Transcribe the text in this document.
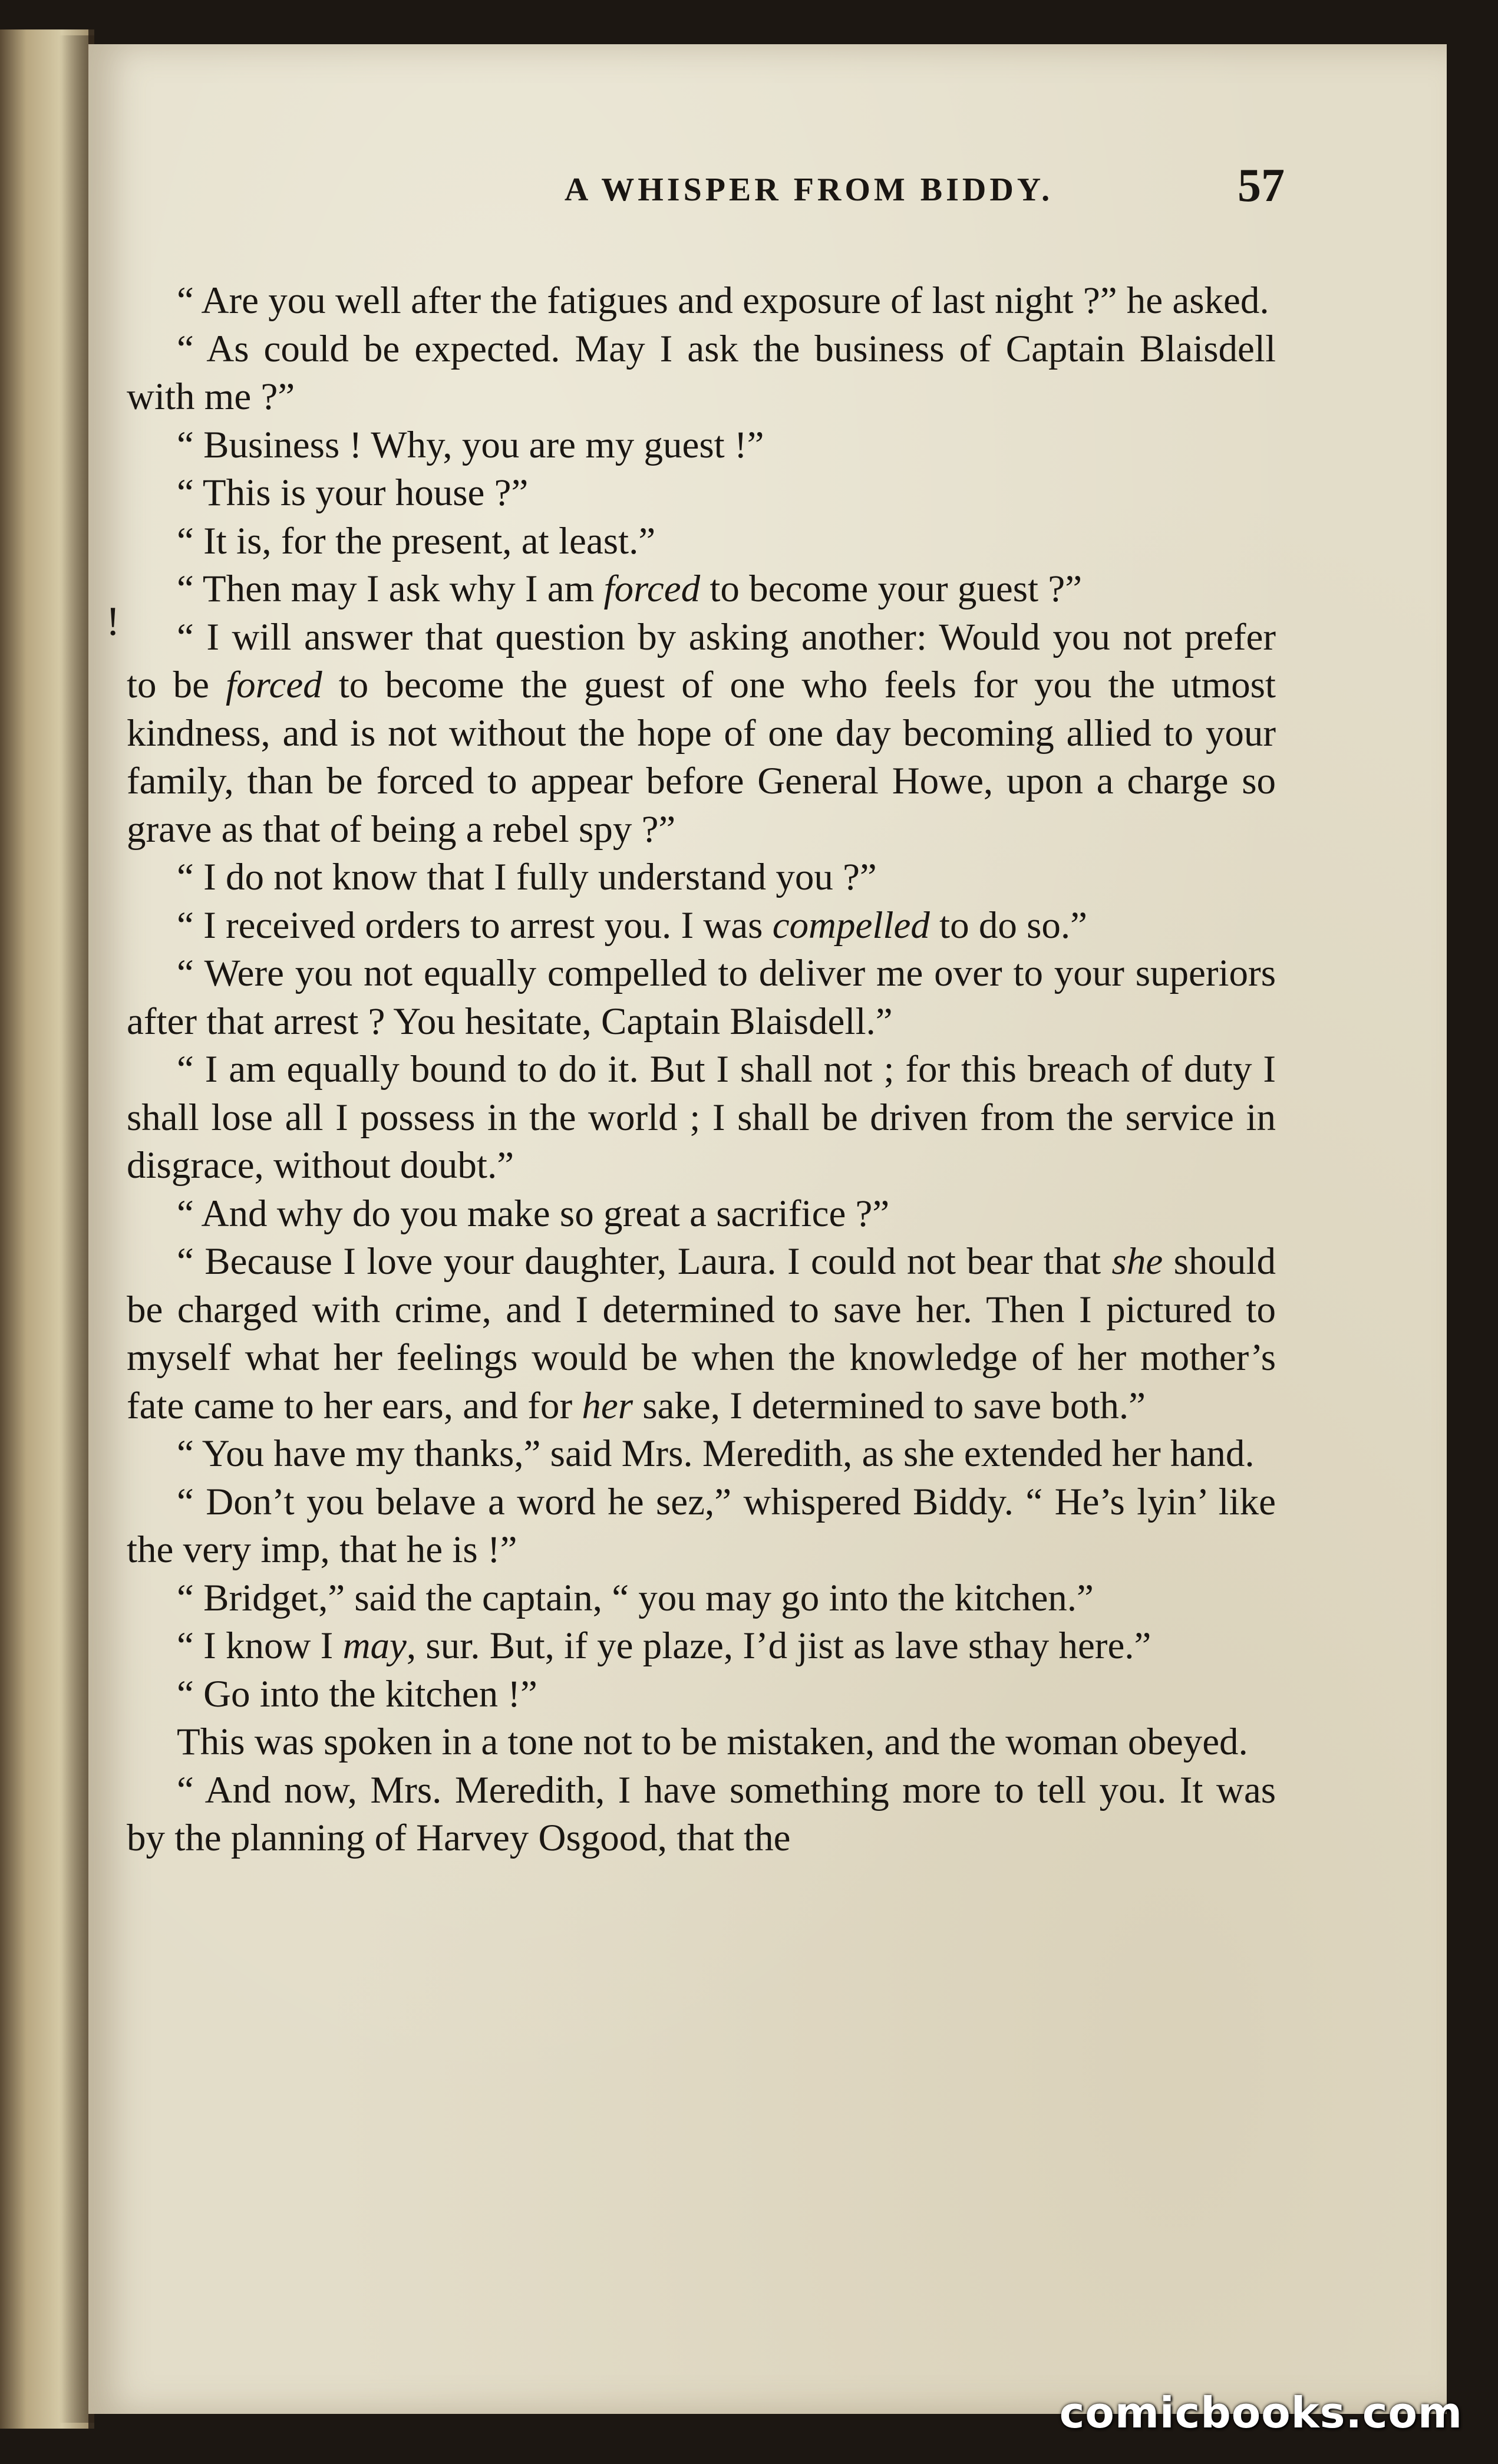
A WHISPER FROM BIDDY.	57

“ Are you well after the fatigues and exposure of last night ?” he asked.

“ As could be expected. May I ask the business of Captain Blaisdell with me ?”

“ Business ! Why, you are my guest !”

“ This is your house ?”

“ It is, for the present, at least.”

“ Then may I ask why I am forced to become your guest ?”

“ I will answer that question by asking another: Would you not prefer to be forced to become the guest of one who feels for you the utmost kindness, and is not without the hope of one day becoming allied to your family, than be forced to appear before General Howe, upon a charge so grave as that of being a rebel spy ?”

“ I do not know that I fully understand you ?”

“ I received orders to arrest you. I was compelled to do so.”

“ Were you not equally compelled to deliver me over to your superiors after that arrest ? You hesitate, Captain Blaisdell.”

“ I am equally bound to do it. But I shall not ; for this breach of duty I shall lose all I possess in the world ; I shall be driven from the service in disgrace, without doubt.”

“ And why do you make so great a sacrifice ?”

“ Because I love your daughter, Laura. I could not bear that she should be charged with crime, and I determined to save her. Then I pictured to myself what her feelings would be when the knowledge of her mother’s fate came to her ears, and for her sake, I determined to save both.”

“ You have my thanks,” said Mrs. Meredith, as she extended her hand.

“ Don’t you belave a word he sez,” whispered Biddy. “ He’s lyin’ like the very imp, that he is !”

“ Bridget,” said the captain, “ you may go into the kitchen.”

“ I know I may, sur. But, if ye plaze, I’d jist as lave sthay here.”

“ Go into the kitchen !”

This was spoken in a tone not to be mistaken, and the woman obeyed.

“ And now, Mrs. Meredith, I have something more to tell you. It was by the planning of Harvey Osgood, that the

!
comicbooks.com
